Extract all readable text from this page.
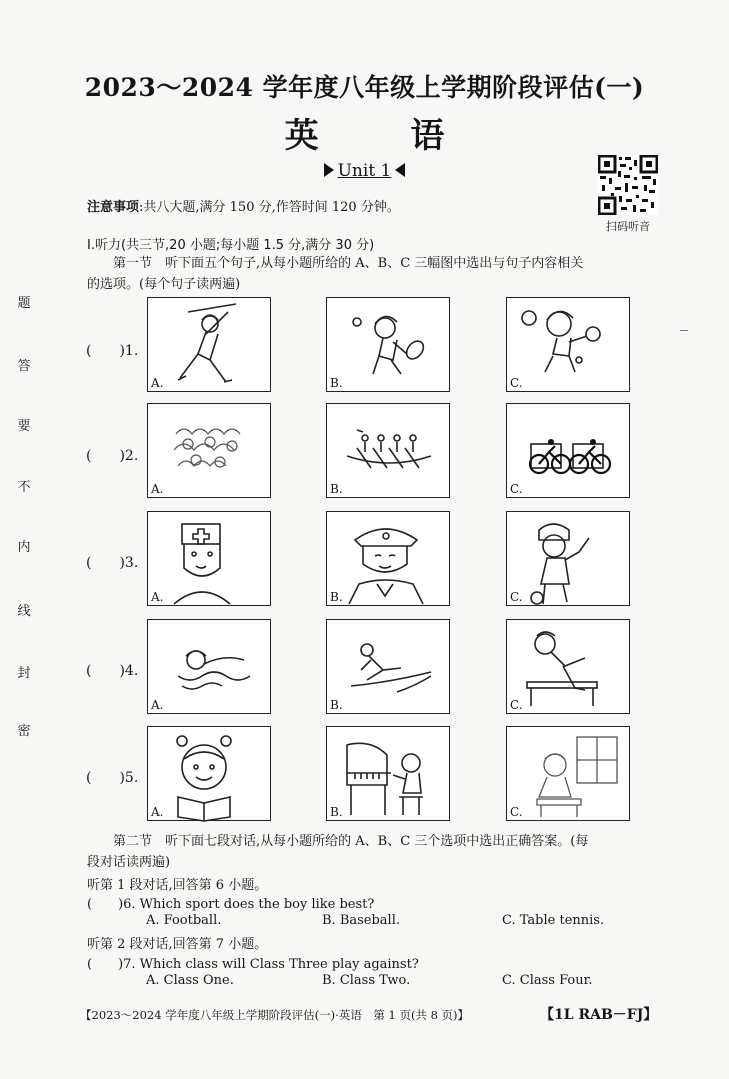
2023～2024 学年度八年级上学期阶段评估(一)
英 语
Unit 1
扫码听音
注意事项:共八大题,满分 150 分,作答时间 120 分钟。
Ⅰ.听力(共三节,20 小题;每小题 1.5 分,满分 30 分)
第一节　听下面五个句子,从每小题所给的 A、B、C 三幅图中选出与句子内容相关
的选项。(每个句子读两遍)
题
答
要
不
内
线
封
密
(　　)1.
(　　)2.
(　　)3.
(　　)4.
(　　)5.
A.	B.	C.
A.	B.	C.
A.	B.	C.
A.	B.	C.
A.	B.	C.
第二节　听下面七段对话,从每小题所给的 A、B、C 三个选项中选出正确答案。(每
段对话读两遍)
听第 1 段对话,回答第 6 小题。
(　　)6. Which sport does the boy like best?
A. Football.	B. Baseball.	C. Table tennis.
听第 2 段对话,回答第 7 小题。
(　　)7. Which class will Class Three play against?
A. Class One.	B. Class Two.	C. Class Four.
【2023～2024 学年度八年级上学期阶段评估(一)·英语　第 1 页(共 8 页)】	【1L RAB－FJ】
